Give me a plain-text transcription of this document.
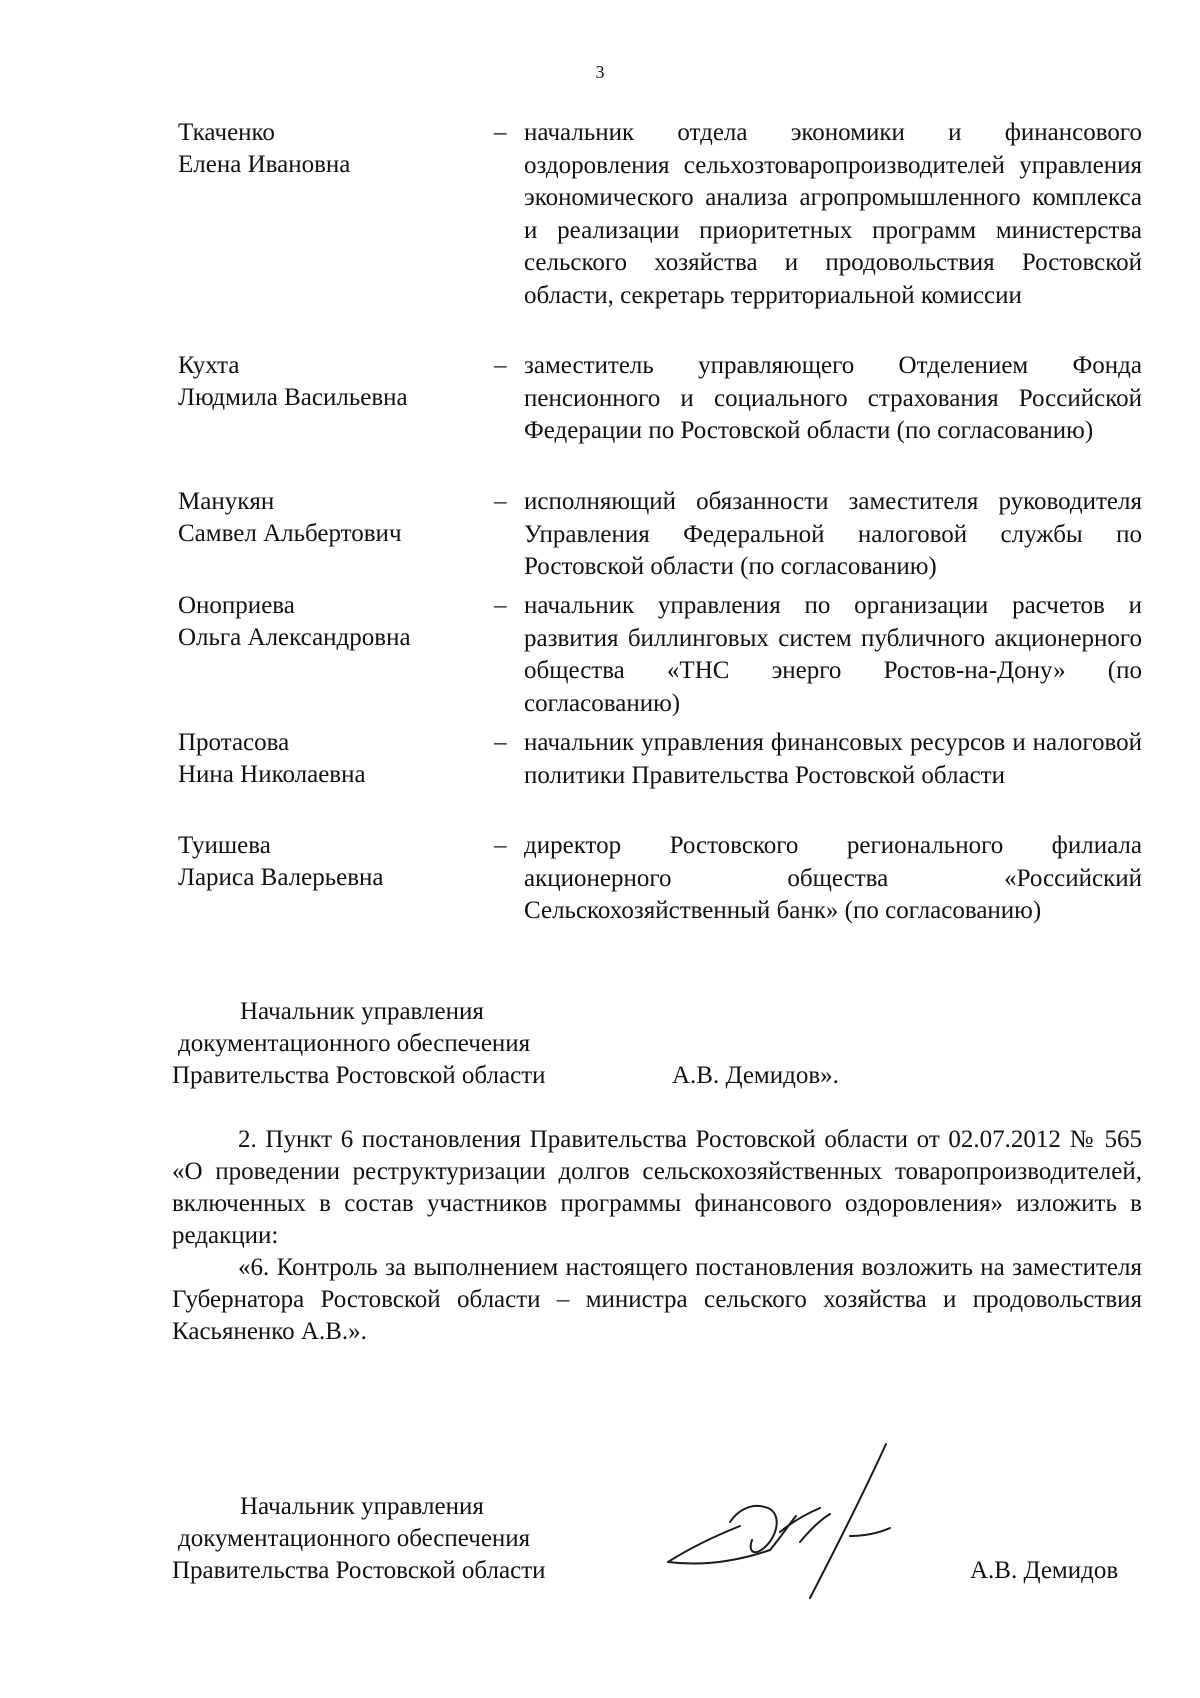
3
Ткаченко
Елена Ивановна
– начальник отдела экономики и финансового оздоровления сельхозтоваропроизводителей управления экономического анализа агропромышленного комплекса и реализации приоритетных программ министерства сельского хозяйства и продовольствия Ростовской области, секретарь территориальной комиссии
Кухта
Людмила Васильевна
– заместитель управляющего Отделением Фонда пенсионного и социального страхования Российской Федерации по Ростовской области (по согласованию)
Манукян
Самвел Альбертович
– исполняющий обязанности заместителя руководителя Управления Федеральной налоговой службы по Ростовской области (по согласованию)
Оноприева
Ольга Александровна
– начальник управления по организации расчетов и развития биллинговых систем публичного акционерного общества «ТНС энерго Ростов-на-Дону» (по согласованию)
Протасова
Нина Николаевна
– начальник управления финансовых ресурсов и налоговой политики Правительства Ростовской области
Туишева
Лариса Валерьевна
– директор Ростовского регионального филиала акционерного общества «Российский Сельскохозяйственный банк» (по согласованию)
Начальник управления
документационного обеспечения
Правительства Ростовской области	А.В. Демидов».

2. Пункт 6 постановления Правительства Ростовской области от 02.07.2012 № 565 «О проведении реструктуризации долгов сельскохозяйственных товаропроизводителей, включенных в состав участников программы финансового оздоровления» изложить в редакции:

«6. Контроль за выполнением настоящего постановления возложить на заместителя Губернатора Ростовской области – министра сельского хозяйства и продовольствия Касьяненко А.В.».

Начальник управления
документационного обеспечения
Правительства Ростовской области	А.В. Демидов
